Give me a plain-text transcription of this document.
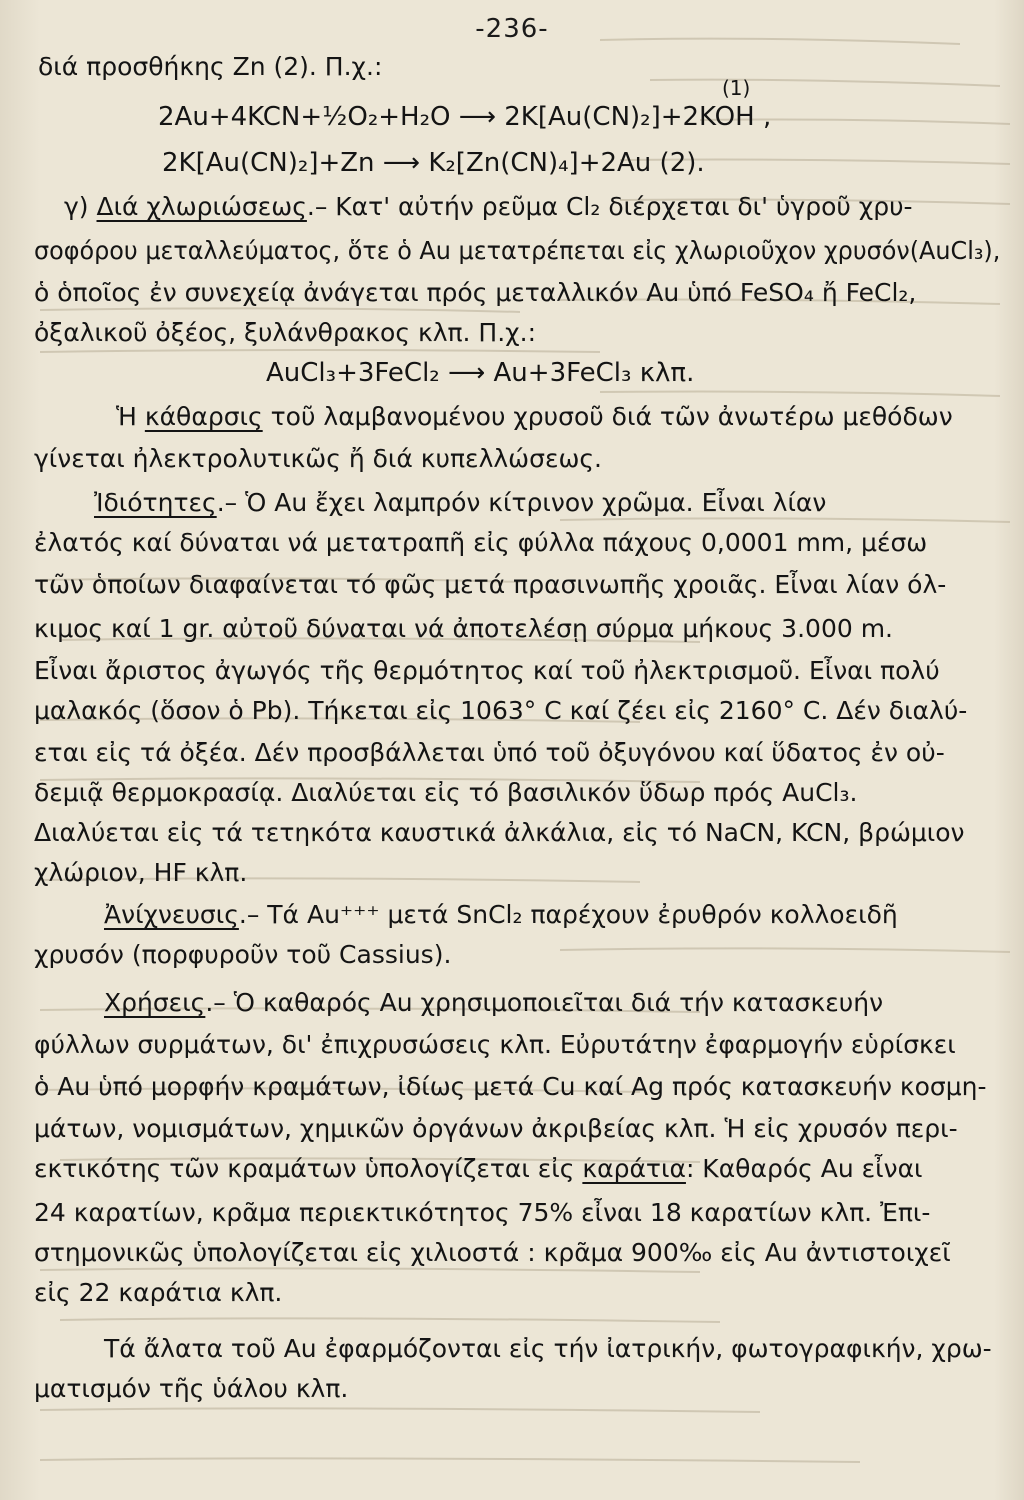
-236-
διά προσθήκης Zn (2). Π.χ.:
(1)
2Au+4KCN+½O₂+H₂O ⟶ 2K[Au(CN)₂]+2KOH ,
2K[Au(CN)₂]+Zn ⟶ K₂[Zn(CN)₄]+2Au (2).
γ) Διά χλωριώσεως.– Κατ' αὐτήν ρεῦμα Cl₂ διέρχεται δι' ὑγροῦ χρυ-
σοφόρου μεταλλεύματος, ὅτε ὁ Au μετατρέπεται εἰς χλωριοῦχον χρυσόν(AuCl₃),
ὁ ὁποῖος ἐν συνεχείᾳ ἀνάγεται πρός μεταλλικόν Au ὑπό FeSO₄ ἤ FeCl₂,
ὀξαλικοῦ ὀξέος, ξυλάνθρακος κλπ. Π.χ.:
AuCl₃+3FeCl₂ ⟶ Au+3FeCl₃ κλπ.
Ἡ κάθαρσις τοῦ λαμβανομένου χρυσοῦ διά τῶν ἀνωτέρω μεθόδων
γίνεται ἠλεκτρολυτικῶς ἤ διά κυπελλώσεως.
Ἰδιότητες.– Ὁ Au ἔχει λαμπρόν κίτρινον χρῶμα. Εἶναι λίαν
ἐλατός καί δύναται νά μετατραπῆ εἰς φύλλα πάχους 0,0001 mm, μέσω
τῶν ὁποίων διαφαίνεται τό φῶς μετά πρασινωπῆς χροιᾶς. Εἶναι λίαν όλ-
κιμος καί 1 gr. αὐτοῦ δύναται νά ἀποτελέσῃ σύρμα μήκους 3.000 m.
Εἶναι ἄριστος ἀγωγός τῆς θερμότητος καί τοῦ ἠλεκτρισμοῦ. Εἶναι πολύ
μαλακός (ὅσον ὁ Pb). Τήκεται εἰς 1063° C καί ζέει εἰς 2160° C. Δέν διαλύ-
εται εἰς τά ὀξέα. Δέν προσβάλλεται ὑπό τοῦ ὀξυγόνου καί ὕδατος ἐν οὐ-
δεμιᾷ θερμοκρασίᾳ. Διαλύεται εἰς τό βασιλικόν ὕδωρ πρός AuCl₃.
Διαλύεται εἰς τά τετηκότα καυστικά ἀλκάλια, εἰς τό NaCN, KCN, βρώμιον
χλώριον, HF κλπ.
Ἀνίχνευσις.– Τά Au⁺⁺⁺ μετά SnCl₂ παρέχουν ἐρυθρόν κολλοειδῆ
χρυσόν (πορφυροῦν τοῦ Cassius).
Χρήσεις.– Ὁ καθαρός Au χρησιμοποιεῖται διά τήν κατασκευήν
φύλλων συρμάτων, δι' ἐπιχρυσώσεις κλπ. Εὐρυτάτην ἐφαρμογήν εὑρίσκει
ὁ Au ὑπό μορφήν κραμάτων, ἰδίως μετά Cu καί Ag πρός κατασκευήν κοσμη-
μάτων, νομισμάτων, χημικῶν ὀργάνων ἀκριβείας κλπ. Ἡ εἰς χρυσόν περι-
εκτικότης τῶν κραμάτων ὑπολογίζεται εἰς καράτια: Καθαρός Au εἶναι
24 καρατίων, κρᾶμα περιεκτικότητος 75% εἶναι 18 καρατίων κλπ. Ἐπι-
στημονικῶς ὑπολογίζεται εἰς χιλιοστά : κρᾶμα 900‰ εἰς Au ἀντιστοιχεῖ
εἰς 22 καράτια κλπ.
Τά ἄλατα τοῦ Au ἐφαρμόζονται εἰς τήν ἰατρικήν, φωτογραφικήν, χρω-
ματισμόν τῆς ὑάλου κλπ.
